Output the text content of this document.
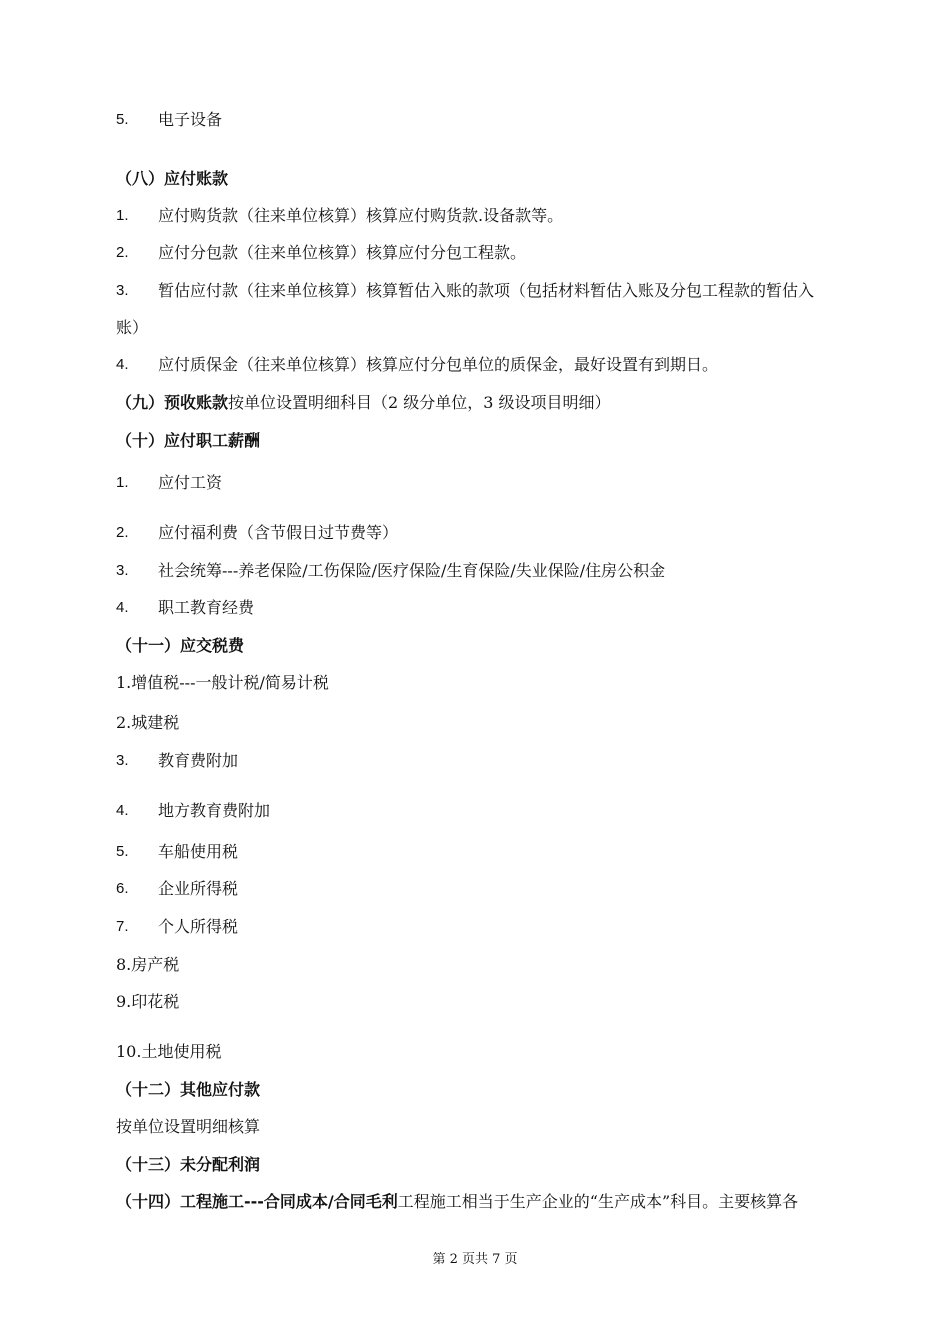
5. 电子设备
（八）应付账款
1. 应付购货款（往来单位核算）核算应付购货款.设备款等。
2. 应付分包款（往来单位核算）核算应付分包工程款。
3. 暂估应付款（往来单位核算）核算暂估入账的款项（包括材料暂估入账及分包工程款的暂估入
账）
4. 应付质保金（往来单位核算）核算应付分包单位的质保金，最好设置有到期日。
（九）预收账款按单位设置明细科目（2 级分单位，3 级设项目明细）
（十）应付职工薪酬
1. 应付工资
2. 应付福利费（含节假日过节费等）
3. 社会统筹---养老保险/工伤保险/医疗保险/生育保险/失业保险/住房公积金
4. 职工教育经费
（十一）应交税费
1.增值税---一般计税/简易计税
2.城建税
3. 教育费附加
4. 地方教育费附加
5. 车船使用税
6. 企业所得税
7. 个人所得税
8.房产税
9.印花税
10.土地使用税
（十二）其他应付款
按单位设置明细核算
（十三）未分配利润
（十四）工程施工---合同成本/合同毛利工程施工相当于生产企业的“生产成本”科目。主要核算各
第 2 页共 7 页
